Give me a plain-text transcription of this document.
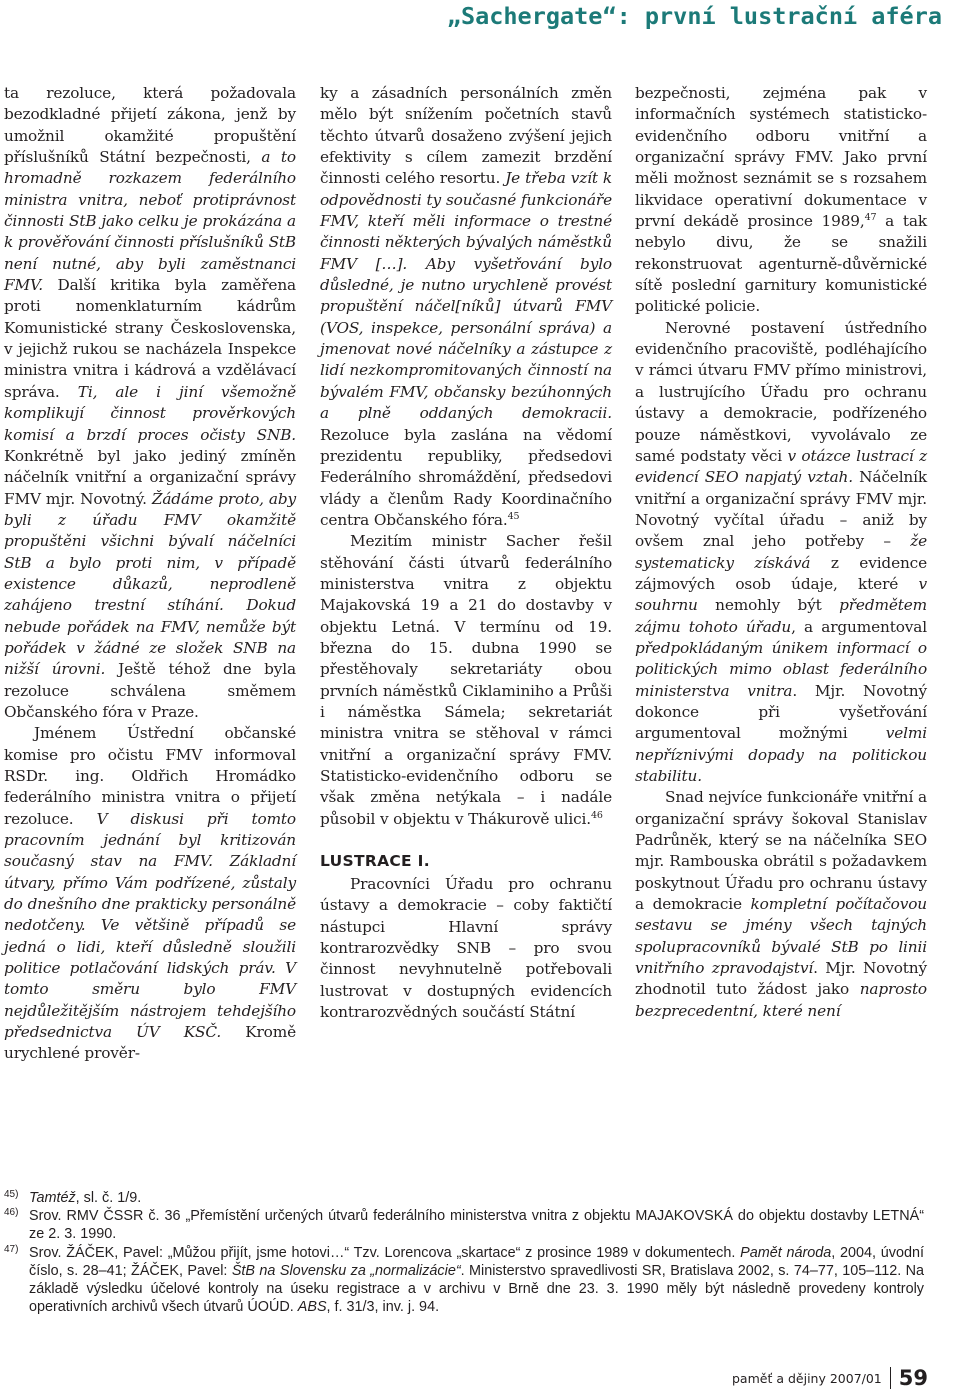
„Sachergate“: první lustrační aféra

ta rezoluce, která požadovala bezodkladné přijetí zákona, jenž by umožnil okamžité propuštění příslušníků Státní bezpečnosti, a to hromadně rozkazem federálního ministra vnitra, neboť protiprávnost činnosti StB jako celku je prokázána a k prověřování činnosti příslušníků StB není nutné, aby byli zaměstnanci FMV. Další kritika byla zaměřena proti nomenklaturním kádrům Komunistické strany Československa, v jejichž rukou se nacházela Inspekce ministra vnitra i kádrová a vzdělávací správa. Ti, ale i jiní všemožně komplikují činnost prověrkových komisí a brzdí proces očisty SNB. Konkrétně byl jako jediný zmíněn náčelník vnitřní a organizační správy FMV mjr. Novotný. Žádáme proto, aby byli z úřadu FMV okamžitě propuštěni všichni bývalí náčelníci StB a bylo proti nim, v případě existence důkazů, neprodleně zahájeno trestní stíhání. Dokud nebude pořádek na FMV, nemůže být pořádek v žádné ze složek SNB na nižší úrovni. Ještě téhož dne byla rezoluce schválena směmem Občanského fóra v Praze.

Jménem Ústřední občanské komise pro očistu FMV informoval RSDr. ing. Oldřich Hromádko federálního ministra vnitra o přijetí rezoluce. V diskusi při tomto pracovním jednání byl kritizován současný stav na FMV. Základní útvary, přímo Vám podřízené, zůstaly do dnešního dne prakticky personálně nedotčeny. Ve většině případů se jedná o lidi, kteří důsledně sloužili politice potlačování lidských práv. V tomto směru bylo FMV nejdůležitějším nástrojem tehdejšího předsednictva ÚV KSČ. Kromě urychlené prověr-

ky a zásadních personálních změn mělo být snížením početních stavů těchto útvarů dosaženo zvýšení jejich efektivity s cílem zamezit brzdění činnosti celého resortu. Je třeba vzít k odpovědnosti ty současné funkcionáře FMV, kteří měli informace o trestné činnosti některých bývalých náměstků FMV […]. Aby vyšetřování bylo důsledné, je nutno urychleně provést propuštění náčel[níků] útvarů FMV (VOS, inspekce, personální správa) a jmenovat nové náčelníky a zástupce z lidí nezkompromitovaných činností na bývalém FMV, občansky bezúhonných a plně oddaných demokracii. Rezoluce byla zaslána na vědomí prezidentu republiky, předsedovi Federálního shromáždění, předsedovi vlády a členům Rady Koordinačního centra Občanského fóra.$^{45}$

Mezitím ministr Sacher řešil stěhování části útvarů federálního ministerstva vnitra z objektu Majakovská 19 a 21 do dostavby v objektu Letná. V termínu od 19. března do 15. dubna 1990 se přestěhovaly sekretariáty obou prvních náměstků Ciklaminiho a Průši i náměstka Sámela; sekretariát ministra vnitra se stěhoval v rámci vnitřní a organizační správy FMV. Statisticko-evidenčního odboru se však změna netýkala – i nadále působil v objektu v Thákurově ulici.$^{46}$

LUSTRACE I.

Pracovníci Úřadu pro ochranu ústavy a demokracie – coby faktičtí nástupci Hlavní správy kontrarozvědky SNB – pro svou činnost nevyhnutelně potřebovali lustrovat v dostupných evidencích kontrarozvědných součástí Státní

bezpečnosti, zejména pak v informačních systémech statisticko-evidenčního odboru vnitřní a organizační správy FMV. Jako první měli možnost seznámit se s rozsahem likvidace operativní dokumentace v první dekádě prosince 1989,47 a tak nebylo divu, že se snažili rekonstruovat agenturně-důvěrnické sítě poslední garnitury komunistické politické policie.

Nerovné postavení ústředního evidenčního pracoviště, podléhajícího v rámci útvaru FMV přímo ministrovi, a lustrujícího Úřadu pro ochranu ústavy a demokracie, podřízeného pouze náměstkovi, vyvolávalo ze samé podstaty věci v otázce lustrací z evidencí SEO napjatý vztah. Náčelník vnitřní a organizační správy FMV mjr. Novotný vyčítal úřadu – aniž by ovšem znal jeho potřeby – že systematicky získává z evidence zájmových osob údaje, které v souhrnu nemohly být předmětem zájmu tohoto úřadu, a argumentoval předpokládaným únikem informací o politických mimo oblast federálního ministerstva vnitra. Mjr. Novotný dokonce při vyšetřování argumentoval možnými velmi nepříznivými dopady na politickou stabilitu.

Snad nejvíce funkcionáře vnitřní a organizační správy šokoval Stanislav Padrůněk, který se na náčelníka SEO mjr. Rambouska obrátil s požadavkem poskytnout Úřadu pro ochranu ústavy a demokracie kompletní počítačovou sestavu se jmény všech tajných spolupracovníků bývalé StB po linii vnitřního zpravodajství. Mjr. Novotný zhodnotil tuto žádost jako naprosto bezprecedentní, které není

45) Tamtéž, sl. č. 1/9.
46) Srov. RMV ČSSR č. 36 „Přemístění určených útvarů federálního ministerstva vnitra z objektu MAJAKOVSKÁ do objektu dostavby LETNÁ“ ze 2. 3. 1990.
47) Srov. ŽÁČEK, Pavel: „Můžou přijít, jsme hotovi…“ Tzv. Lorencova „skartace“ z prosince 1989 v dokumentech. Pamět národa, 2004, úvodní číslo, s. 28–41; ŽÁČEK, Pavel: ŠtB na Slovensku za „normalizácie“. Ministerstvo spravedlivosti SR, Bratislava 2002, s. 74–77, 105–112. Na základě výsledku účelové kontroly na úseku registrace a v archivu v Brně dne 23. 3. 1990 měly být následně provedeny kontroly operativních archivů všech útvarů ÚOÚD. ABS, f. 31/3, inv. j. 94.
paměť a dějiny 2007/01 59
